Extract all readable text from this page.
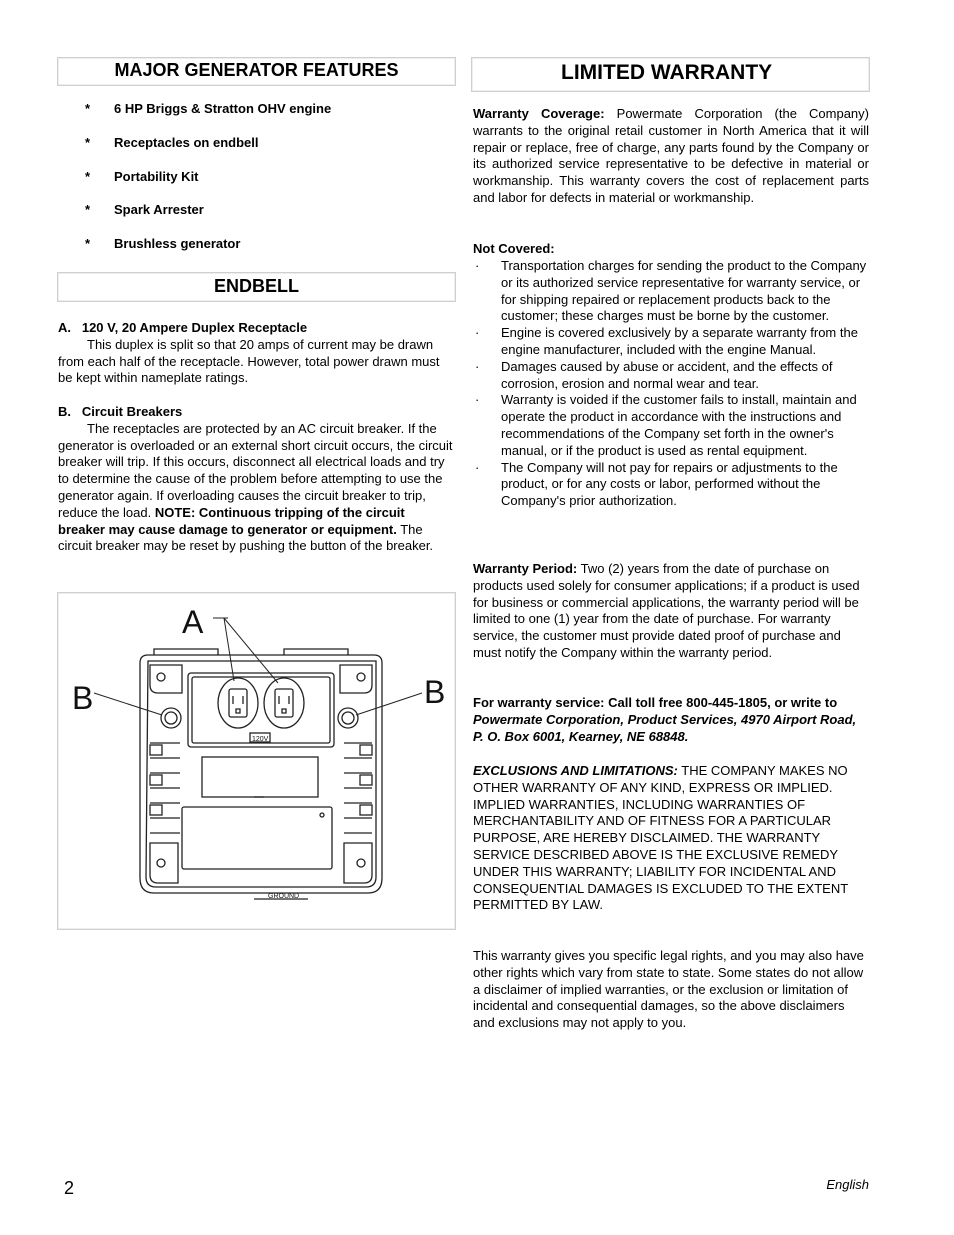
MAJOR GENERATOR FEATURES
* 6 HP Briggs & Stratton OHV engine
* Receptacles on endbell
* Portability Kit
* Spark Arrester
* Brushless generator
ENDBELL

A.   120 V, 20 Ampere Duplex Receptacle

This duplex is split so that 20 amps of current may be drawn from each half of the receptacle. However, total power drawn must be kept within nameplate ratings.

B.   Circuit Breakers

The receptacles are protected by an AC circuit breaker. If the generator is overloaded or an external short circuit occurs, the circuit breaker will trip. If this occurs, disconnect all electrical loads and try to determine the cause of the problem before attempting to use the generator again. If overloading causes the circuit breaker to trip, reduce the load. NOTE: Continuous tripping of the circuit breaker may cause damage to generator or equipment. The circuit breaker may be reset by pushing the button of the breaker.

A
B	B
120V
GROUND
LIMITED WARRANTY

Warranty Coverage: Powermate Corporation (the Company) warrants to the original retail customer in North America that it will repair or replace, free of charge, any parts found by the Company or its authorized service representative to be defective in material or workmanship. This warranty covers the cost of replacement parts and labor for defects in material or workmanship.

Not Covered:

· Transportation charges for sending the product to the Company or its authorized service representative for warranty service, or for shipping repaired or replacement products back to the customer; these charges must be borne by the customer.
· Engine is covered exclusively by a separate warranty from the engine manufacturer, included with the engine Manual.
· Damages caused by abuse or accident, and the effects of corrosion, erosion and normal wear and tear.
· Warranty is voided if the customer fails to install, maintain and operate the product in accordance with the instructions and recommendations of the Company set forth in the owner's manual, or if the product is used as rental equipment.
· The Company will not pay for repairs or adjustments to the product, or for any costs or labor, performed without the Company's prior authorization.

Warranty Period: Two (2) years from the date of purchase on products used solely for consumer applications; if a product is used for business or commercial applications, the warranty period will be limited to one (1) year from the date of purchase. For warranty service, the customer must provide dated proof of purchase and must notify the Company within the warranty period.

For warranty service: Call toll free 800-445-1805, or write to Powermate Corporation, Product Services, 4970 Airport Road, P. O. Box 6001, Kearney, NE 68848.

EXCLUSIONS AND LIMITATIONS: THE COMPANY MAKES NO OTHER WARRANTY OF ANY KIND, EXPRESS OR IMPLIED. IMPLIED WARRANTIES, INCLUDING WARRANTIES OF MERCHANTABILITY AND OF FITNESS FOR A PARTICULAR PURPOSE, ARE HEREBY DISCLAIMED. THE WARRANTY SERVICE DESCRIBED ABOVE IS THE EXCLUSIVE REMEDY UNDER THIS WARRANTY; LIABILITY FOR INCIDENTAL AND CONSEQUENTIAL DAMAGES IS EXCLUDED TO THE EXTENT PERMITTED BY LAW.

This warranty gives you specific legal rights, and you may also have other rights which vary from state to state. Some states do not allow a disclaimer of implied warranties, or the exclusion or limitation of incidental and consequential damages, so the above disclaimers and exclusions may not apply to you.

2	English
